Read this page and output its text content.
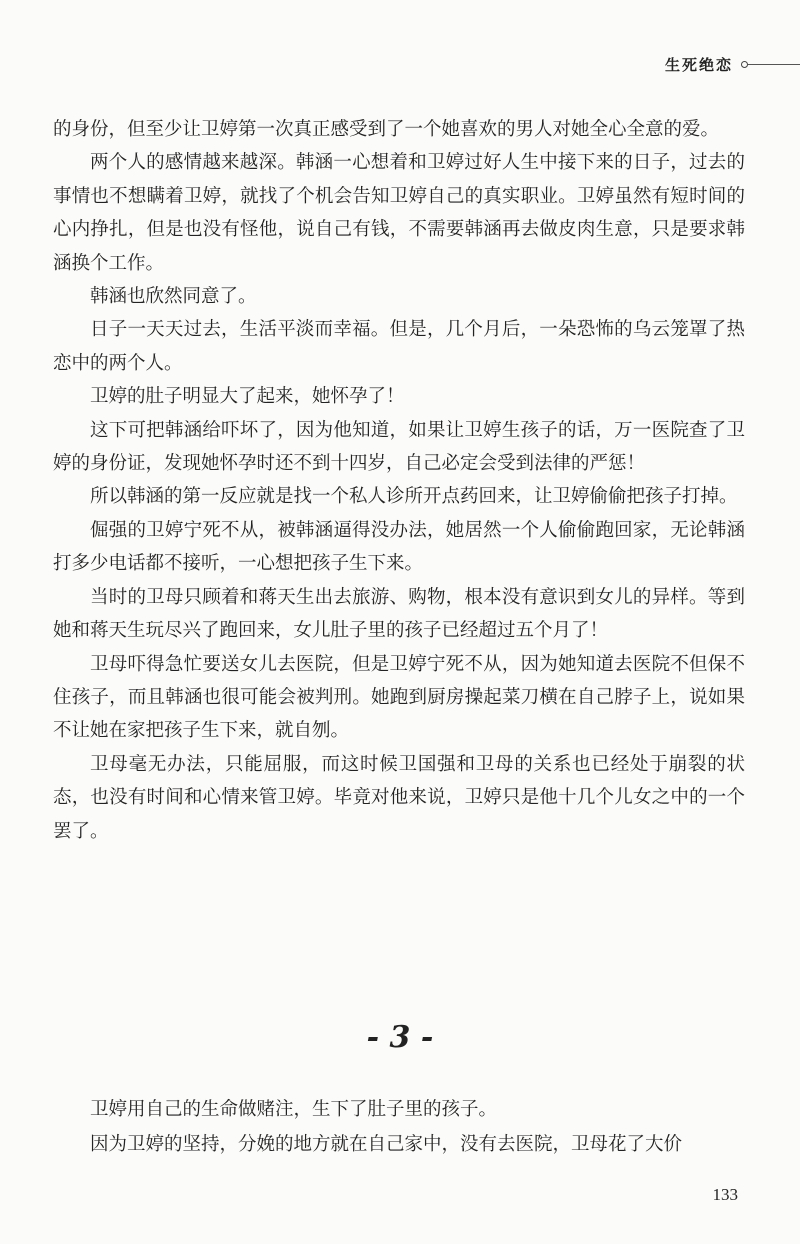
生死绝恋

的身份，但至少让卫婷第一次真正感受到了一个她喜欢的男人对她全心全意的爱。

两个人的感情越来越深。韩涵一心想着和卫婷过好人生中接下来的日子，过去的事情也不想瞒着卫婷，就找了个机会告知卫婷自己的真实职业。卫婷虽然有短时间的心内挣扎，但是也没有怪他，说自己有钱，不需要韩涵再去做皮肉生意，只是要求韩涵换个工作。

韩涵也欣然同意了。

日子一天天过去，生活平淡而幸福。但是，几个月后，一朵恐怖的乌云笼罩了热恋中的两个人。

卫婷的肚子明显大了起来，她怀孕了！

这下可把韩涵给吓坏了，因为他知道，如果让卫婷生孩子的话，万一医院查了卫婷的身份证，发现她怀孕时还不到十四岁，自己必定会受到法律的严惩！

所以韩涵的第一反应就是找一个私人诊所开点药回来，让卫婷偷偷把孩子打掉。

倔强的卫婷宁死不从，被韩涵逼得没办法，她居然一个人偷偷跑回家，无论韩涵打多少电话都不接听，一心想把孩子生下来。

当时的卫母只顾着和蒋天生出去旅游、购物，根本没有意识到女儿的异样。等到她和蒋天生玩尽兴了跑回来，女儿肚子里的孩子已经超过五个月了！

卫母吓得急忙要送女儿去医院，但是卫婷宁死不从，因为她知道去医院不但保不住孩子，而且韩涵也很可能会被判刑。她跑到厨房操起菜刀横在自己脖子上，说如果不让她在家把孩子生下来，就自刎。

卫母毫无办法，只能屈服，而这时候卫国强和卫母的关系也已经处于崩裂的状态，也没有时间和心情来管卫婷。毕竟对他来说，卫婷只是他十几个儿女之中的一个罢了。

- 3 -

卫婷用自己的生命做赌注，生下了肚子里的孩子。

因为卫婷的坚持，分娩的地方就在自己家中，没有去医院，卫母花了大价

133
